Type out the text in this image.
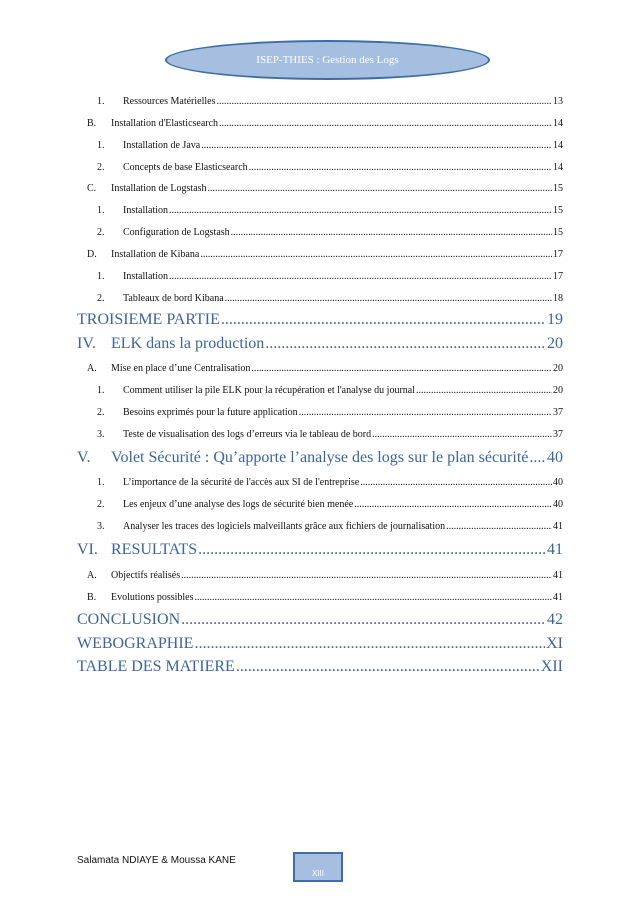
ISEP-THIES : Gestion des Logs
1.	Ressources Matérielles .....	13
B.	Installation d'Elasticsearch .....	14
1.	Installation de Java .....	14
2.	Concepts de base Elasticsearch .....	14
C.	Installation de Logstash .....	15
1.	Installation .....	15
2.	Configuration de Logstash .....	15
D.	Installation de Kibana .....	17
1.	Installation .....	17
2.	Tableaux de bord Kibana .....	18
TROISIEME PARTIE .....	19
IV. ELK dans la production .....	20
A.	Mise en place d’une Centralisation .....	20
1.	Comment utiliser la pile ELK pour la récupération et l'analyse du journal .....	20
2.	Besoins exprimés pour la future application .....	37
3.	Teste de visualisation des logs d’erreurs via le tableau de bord .....	37
V.	Volet Sécurité : Qu’apporte l’analyse des logs sur le plan sécurité ..... 40
1.	L’importance de la sécurité de l'accès aux SI de l'entreprise .....	40
2.	Les enjeux d’une analyse des logs de sécurité bien menée .....	40
3.	Analyser les traces des logiciels malveillants grâce aux fichiers de journalisation .....	41
VI. RESULTATS .....	41
A.	Objectifs réalisés .....	41
B.	Evolutions possibles .....	41
CONCLUSION .....	42
WEBOGRAPHIE .....	XI
TABLE DES MATIERE .....	XII
Salamata NDIAYE & Moussa KANE
XIII
